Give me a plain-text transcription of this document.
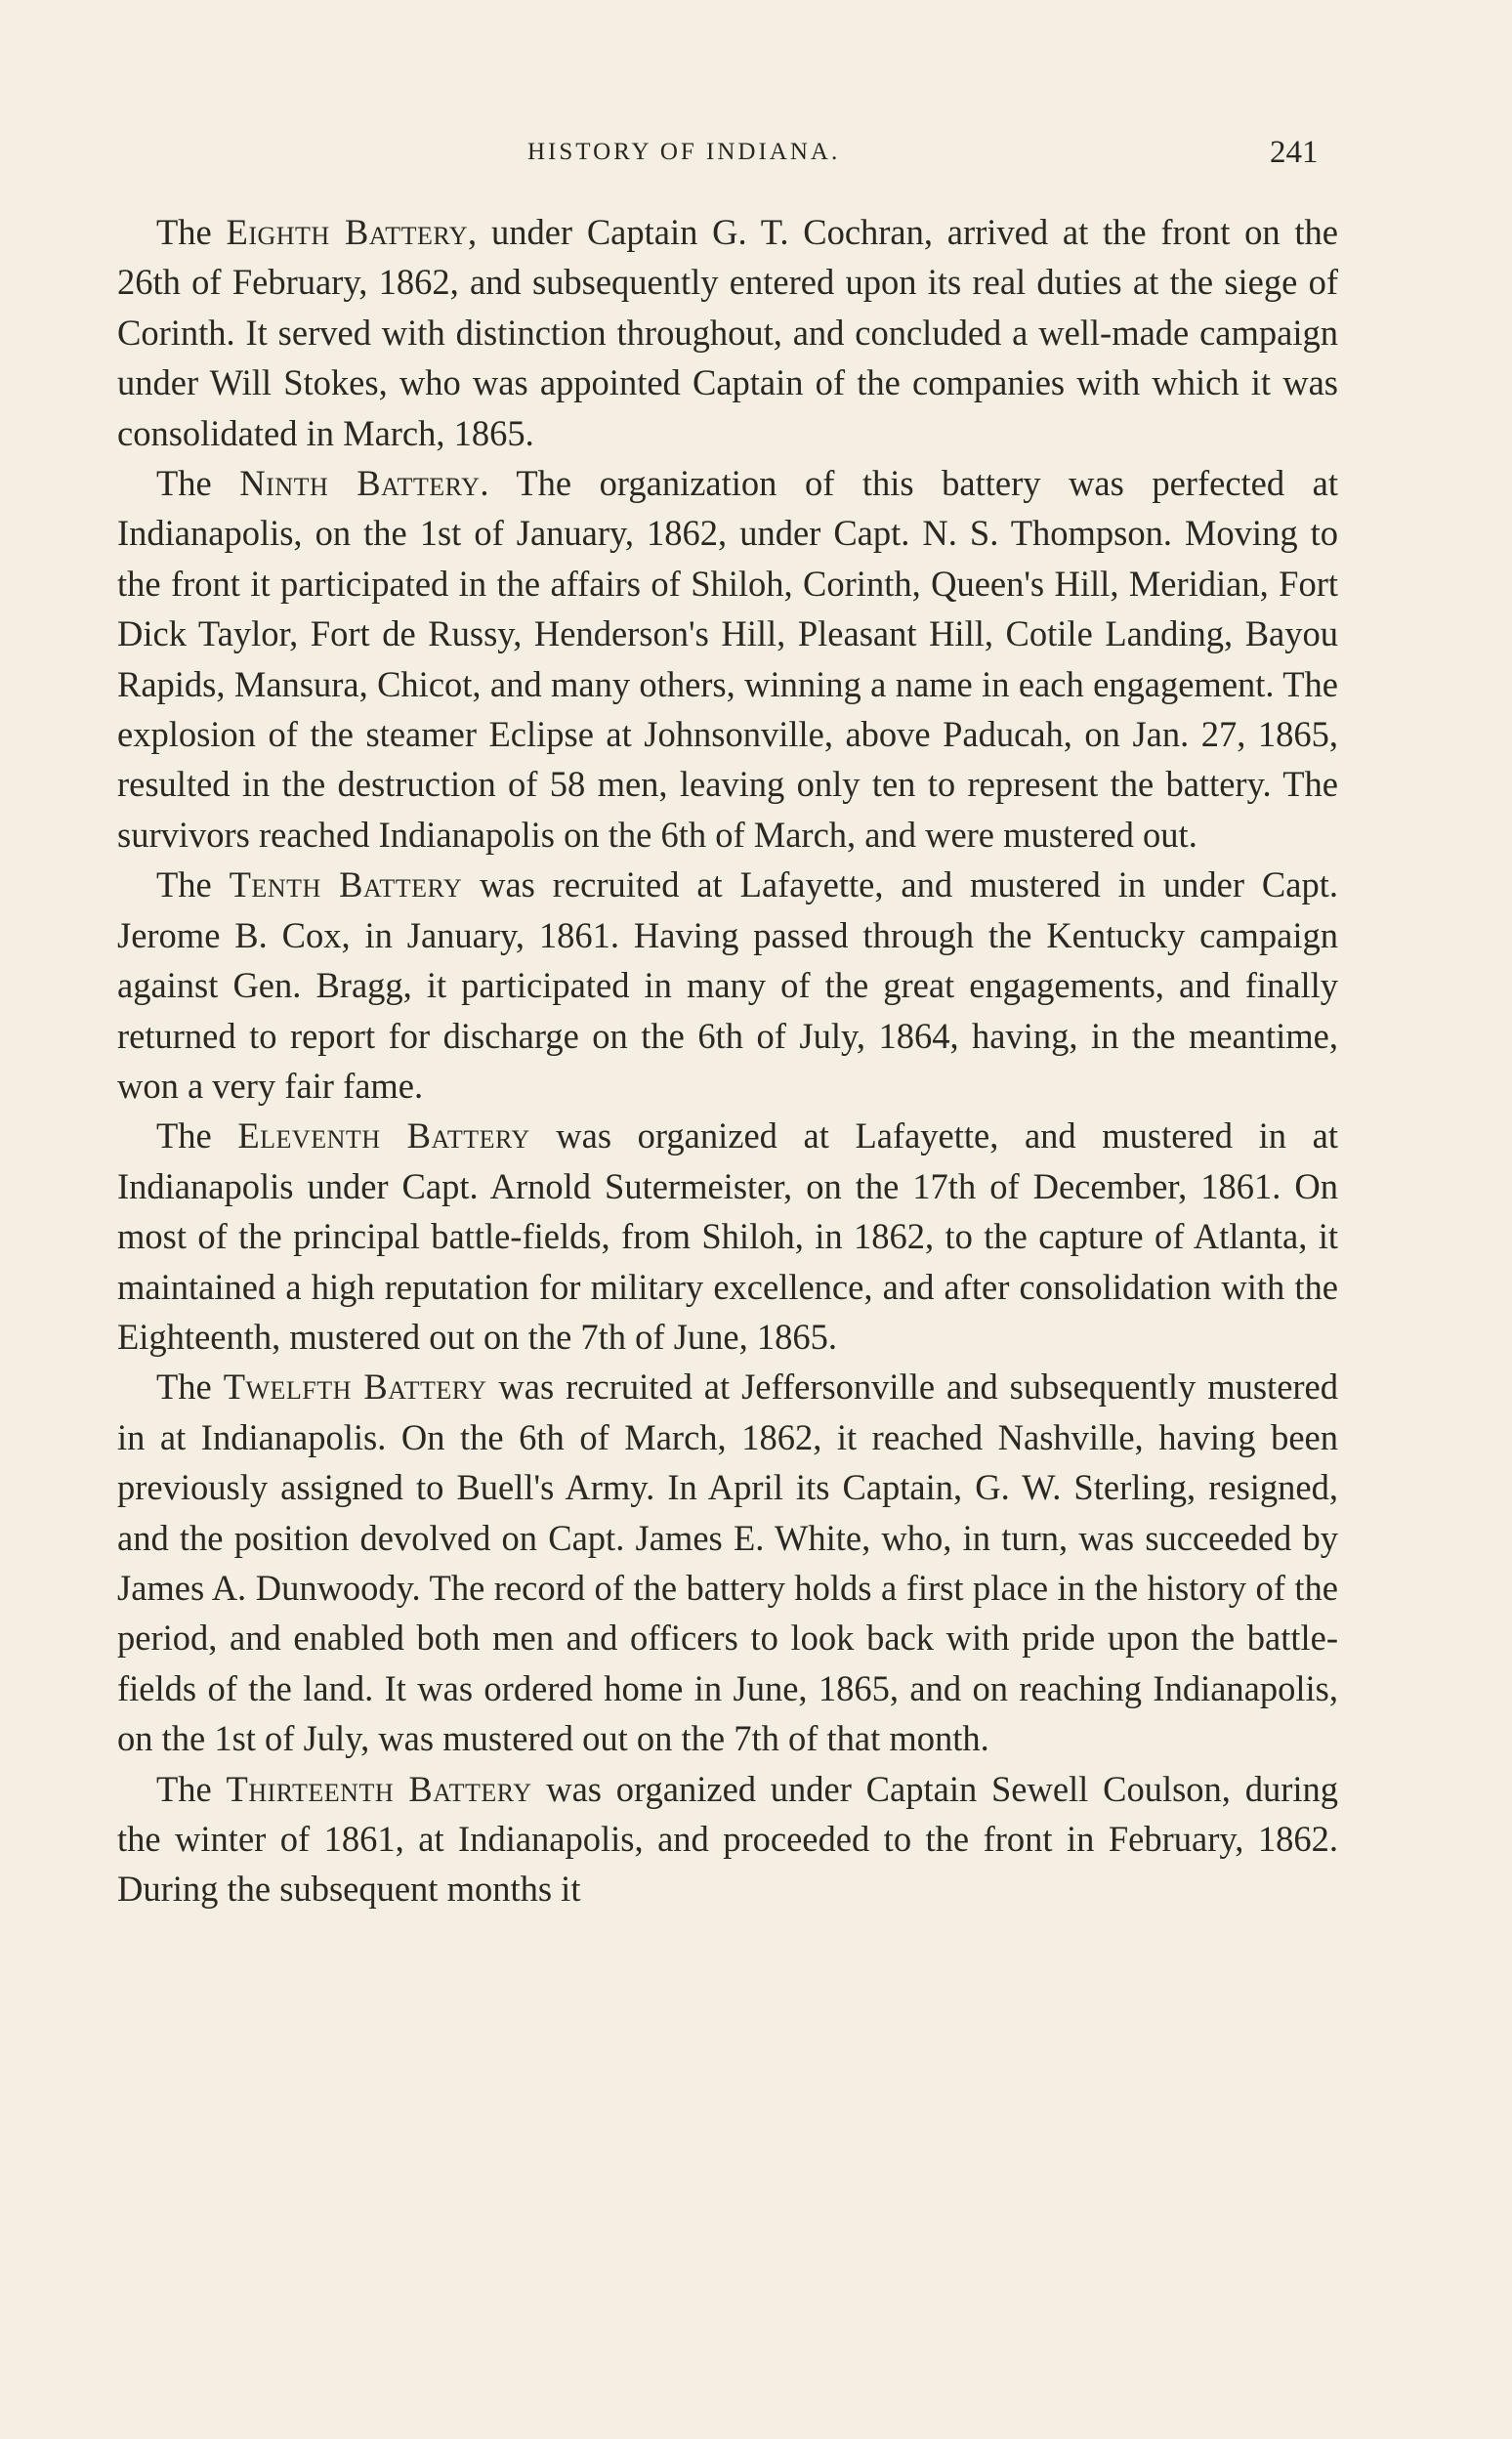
HISTORY OF INDIANA.	241

The Eighth Battery, under Captain G. T. Cochran, arrived at the front on the 26th of February, 1862, and subsequently entered upon its real duties at the siege of Corinth. It served with distinction throughout, and concluded a well-made campaign under Will Stokes, who was appointed Captain of the companies with which it was consolidated in March, 1865.

The Ninth Battery. The organization of this battery was perfected at Indianapolis, on the 1st of January, 1862, under Capt. N. S. Thompson. Moving to the front it participated in the affairs of Shiloh, Corinth, Queen's Hill, Meridian, Fort Dick Taylor, Fort de Russy, Henderson's Hill, Pleasant Hill, Cotile Landing, Bayou Rapids, Mansura, Chicot, and many others, winning a name in each engagement. The explosion of the steamer Eclipse at Johnsonville, above Paducah, on Jan. 27, 1865, resulted in the destruction of 58 men, leaving only ten to represent the battery. The survivors reached Indianapolis on the 6th of March, and were mustered out.

The Tenth Battery was recruited at Lafayette, and mustered in under Capt. Jerome B. Cox, in January, 1861. Having passed through the Kentucky campaign against Gen. Bragg, it participated in many of the great engagements, and finally returned to report for discharge on the 6th of July, 1864, having, in the meantime, won a very fair fame.

The Eleventh Battery was organized at Lafayette, and mustered in at Indianapolis under Capt. Arnold Sutermeister, on the 17th of December, 1861. On most of the principal battle-fields, from Shiloh, in 1862, to the capture of Atlanta, it maintained a high reputation for military excellence, and after consolidation with the Eighteenth, mustered out on the 7th of June, 1865.

The Twelfth Battery was recruited at Jeffersonville and subsequently mustered in at Indianapolis. On the 6th of March, 1862, it reached Nashville, having been previously assigned to Buell's Army. In April its Captain, G. W. Sterling, resigned, and the position devolved on Capt. James E. White, who, in turn, was succeeded by James A. Dunwoody. The record of the battery holds a first place in the history of the period, and enabled both men and officers to look back with pride upon the battle-fields of the land. It was ordered home in June, 1865, and on reaching Indianapolis, on the 1st of July, was mustered out on the 7th of that month.

The Thirteenth Battery was organized under Captain Sewell Coulson, during the winter of 1861, at Indianapolis, and proceeded to the front in February, 1862. During the subsequent months it
